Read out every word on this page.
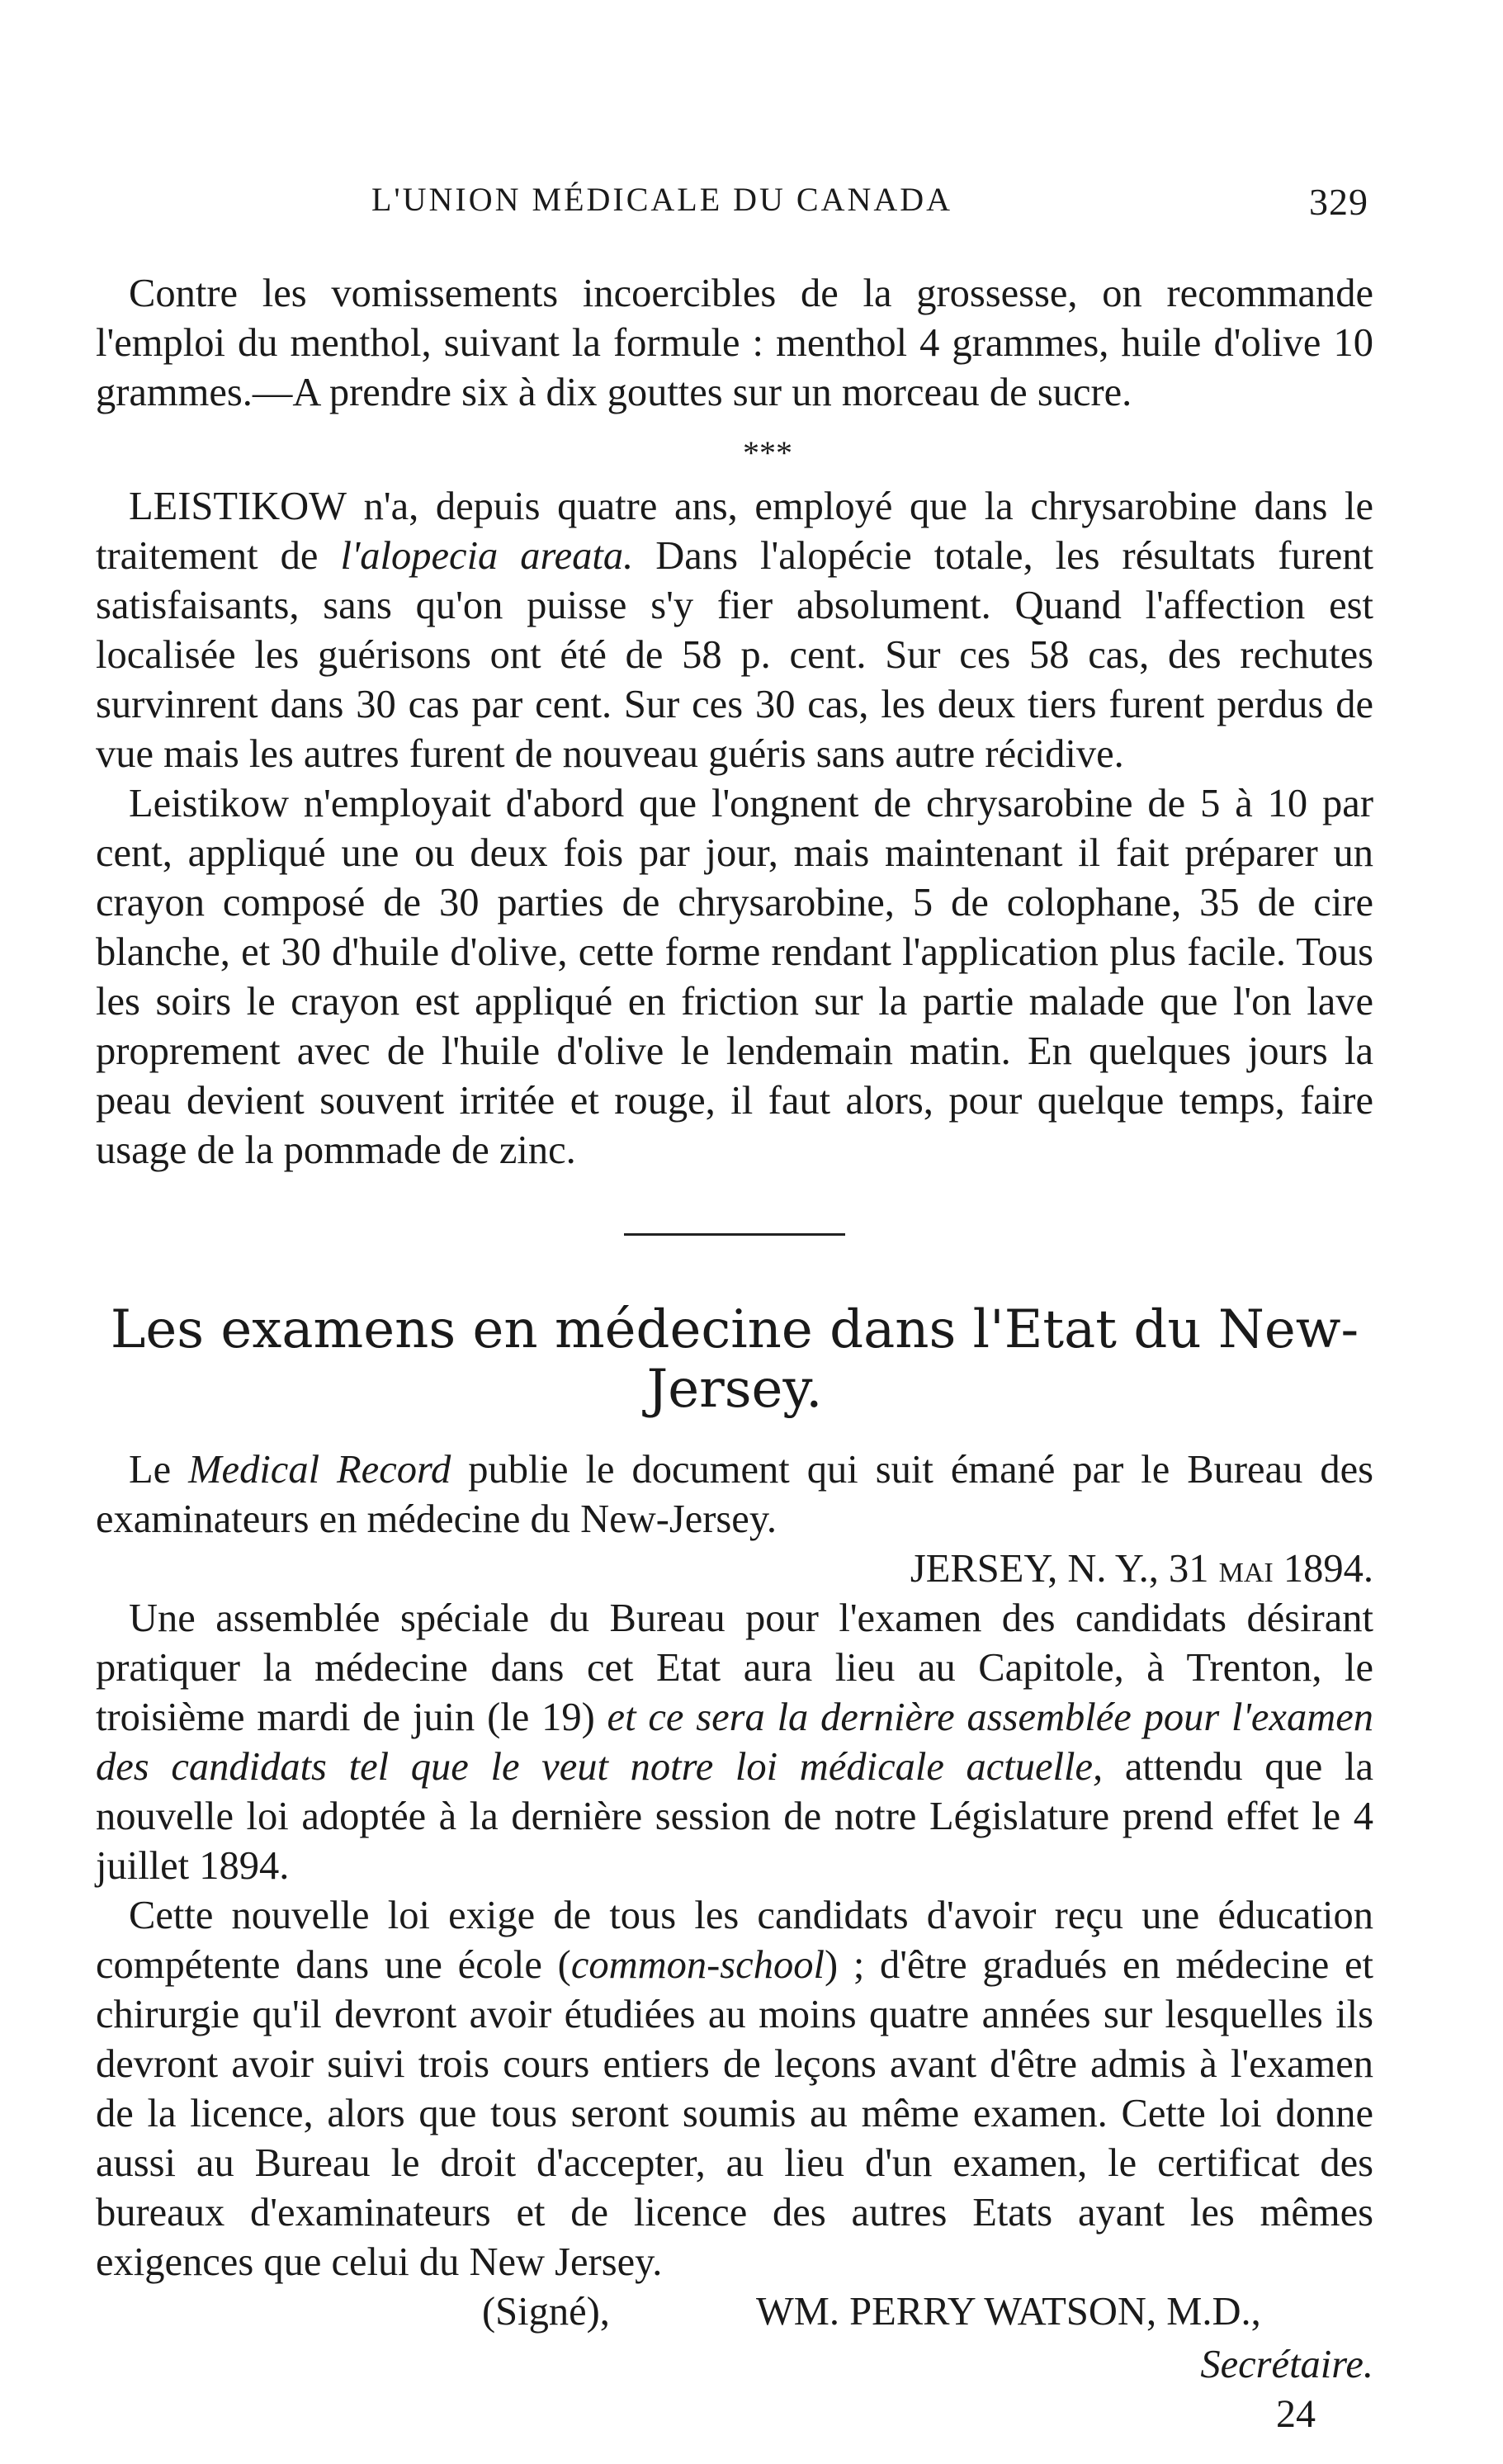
L'UNION MÉDICALE DU CANADA	329

Contre les vomissements incoercibles de la grossesse, on recommande l'emploi du menthol, suivant la formule : menthol 4 grammes, huile d'olive 10 grammes.—A prendre six à dix gouttes sur un morceau de sucre.

***

LEISTIKOW n'a, depuis quatre ans, employé que la chrysarobine dans le traitement de l'alopecia areata. Dans l'alopécie totale, les résultats furent satisfaisants, sans qu'on puisse s'y fier absolument. Quand l'affection est localisée les guérisons ont été de 58 p. cent. Sur ces 58 cas, des rechutes survinrent dans 30 cas par cent. Sur ces 30 cas, les deux tiers furent perdus de vue mais les autres furent de nouveau guéris sans autre récidive.

Leistikow n'employait d'abord que l'ongnent de chrysarobine de 5 à 10 par cent, appliqué une ou deux fois par jour, mais maintenant il fait préparer un crayon composé de 30 parties de chrysarobine, 5 de colophane, 35 de cire blanche, et 30 d'huile d'olive, cette forme rendant l'application plus facile. Tous les soirs le crayon est appliqué en friction sur la partie malade que l'on lave proprement avec de l'huile d'olive le lendemain matin. En quelques jours la peau devient souvent irritée et rouge, il faut alors, pour quelque temps, faire usage de la pommade de zinc.

Les examens en médecine dans l'Etat du New-Jersey.

Le Medical Record publie le document qui suit émané par le Bureau des examinateurs en médecine du New-Jersey.

JERSEY, N. Y., 31 mai 1894.

Une assemblée spéciale du Bureau pour l'examen des candidats désirant pratiquer la médecine dans cet Etat aura lieu au Capitole, à Trenton, le troisième mardi de juin (le 19) et ce sera la dernière assemblée pour l'examen des candidats tel que le veut notre loi médicale actuelle, attendu que la nouvelle loi adoptée à la dernière session de notre Législature prend effet le 4 juillet 1894.

Cette nouvelle loi exige de tous les candidats d'avoir reçu une éducation compétente dans une école (common-school) ; d'être gradués en médecine et chirurgie qu'il devront avoir étudiées au moins quatre années sur lesquelles ils devront avoir suivi trois cours entiers de leçons avant d'être admis à l'examen de la licence, alors que tous seront soumis au même examen. Cette loi donne aussi au Bureau le droit d'accepter, au lieu d'un examen, le certificat des bureaux d'examinateurs et de licence des autres Etats ayant les mêmes exigences que celui du New Jersey.

(Signé),	WM. PERRY WATSON, M.D.,
Secrétaire.
24
